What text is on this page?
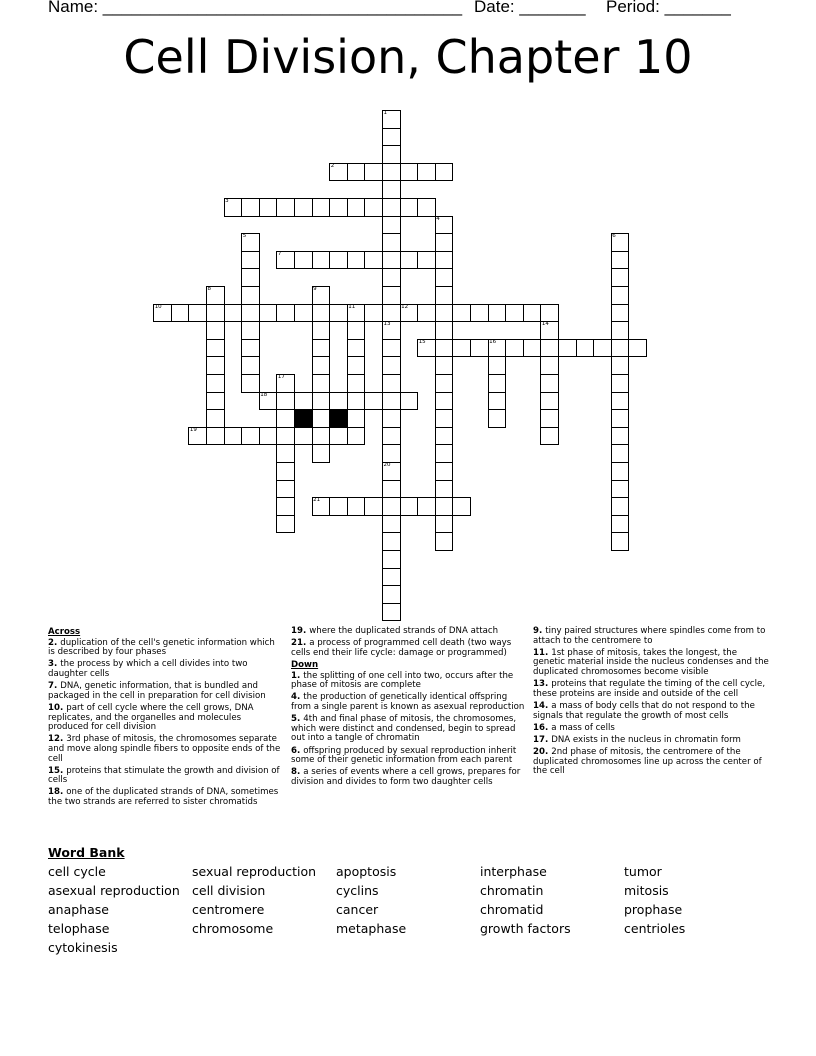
Name: ______________________________________ Date: _______ Period: _______
Cell Division, Chapter 10
1
2
3
4
5	6
7
8	9
10	11	12
13	14
15	16
17
18
19
20
21
Across
2. duplication of the cell's genetic information which is described by four phases
3. the process by which a cell divides into two daughter cells
7. DNA, genetic information, that is bundled and packaged in the cell in preparation for cell division
10. part of cell cycle where the cell grows, DNA replicates, and the organelles and molecules produced for cell division
12. 3rd phase of mitosis, the chromosomes separate and move along spindle fibers to opposite ends of the cell
15. proteins that stimulate the growth and division of cells
18. one of the duplicated strands of DNA, sometimes the two strands are referred to sister chromatids
19. where the duplicated strands of DNA attach
21. a process of programmed cell death (two ways cells end their life cycle: damage or programmed)
Down
1. the splitting of one cell into two, occurs after the phase of mitosis are complete
4. the production of genetically identical offspring from a single parent is known as asexual reproduction
5. 4th and final phase of mitosis, the chromosomes, which were distinct and condensed, begin to spread out into a tangle of chromatin
6. offspring produced by sexual reproduction inherit some of their genetic information from each parent
8. a series of events where a cell grows, prepares for division and divides to form two daughter cells
9. tiny paired structures where spindles come from to attach to the centromere to
11. 1st phase of mitosis, takes the longest, the genetic material inside the nucleus condenses and the duplicated chromosomes become visible
13. proteins that regulate the timing of the cell cycle, these proteins are inside and outside of the cell
14. a mass of body cells that do not respond to the signals that regulate the growth of most cells
16. a mass of cells
17. DNA exists in the nucleus in chromatin form
20. 2nd phase of mitosis, the centromere of the duplicated chromosomes line up across the center of the cell
Word Bank
cell cycle
asexual reproduction
anaphase
telophase
cytokinesis
sexual reproduction
cell division
centromere
chromosome
apoptosis
cyclins
cancer
metaphase
interphase
chromatin
chromatid
growth factors
tumor
mitosis
prophase
centrioles
